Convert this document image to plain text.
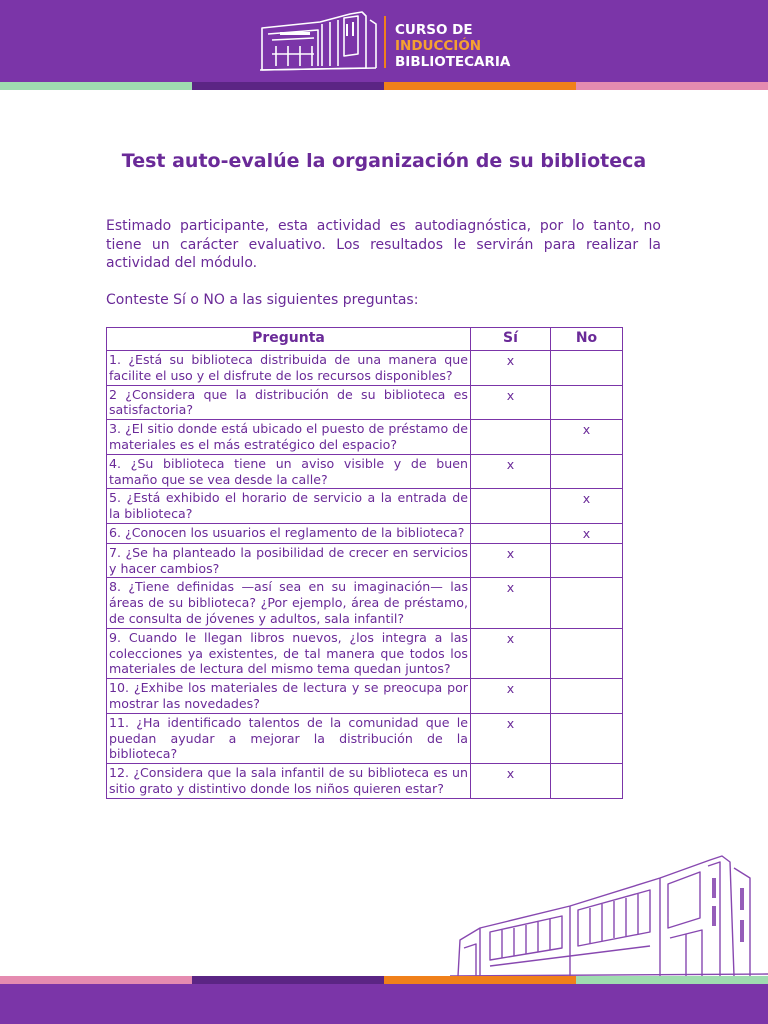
CURSO DE
INDUCCIÓN
BIBLIOTECARIA
Test auto-evalúe la organización de su biblioteca

Estimado participante, esta actividad es autodiagnóstica, por lo tanto, no tiene un carácter evaluativo. Los resultados le servirán para realizar la actividad del módulo.

Conteste Sí o NO a las siguientes preguntas:

Pregunta	Sí	No
1. ¿Está su biblioteca distribuida de una manera que facilite el uso y el disfrute de los recursos disponibles?	x	
2 ¿Considera que la distribución de su biblioteca es satisfactoria?	x	
3. ¿El sitio donde está ubicado el puesto de préstamo de materiales es el más estratégico del espacio?		x
4. ¿Su biblioteca tiene un aviso visible y de buen tamaño que se vea desde la calle?	x	
5. ¿Está exhibido el horario de servicio a la entrada de la biblioteca?		x
6. ¿Conocen los usuarios el reglamento de la biblioteca?		x
7. ¿Se ha planteado la posibilidad de crecer en servicios y hacer cambios?	x	
8. ¿Tiene definidas —así sea en su imaginación— las áreas de su biblioteca? ¿Por ejemplo, área de préstamo, de consulta de jóvenes y adultos, sala infantil?	x	
9. Cuando le llegan libros nuevos, ¿los integra a las colecciones ya existentes, de tal manera que todos los materiales de lectura del mismo tema quedan juntos?	x	
10. ¿Exhibe los materiales de lectura y se preocupa por mostrar las novedades?	x	
11. ¿Ha identificado talentos de la comunidad que le puedan ayudar a mejorar la distribución de la biblioteca?	x	
12. ¿Considera que la sala infantil de su biblioteca es un sitio grato y distintivo donde los niños quieren estar?	x	
